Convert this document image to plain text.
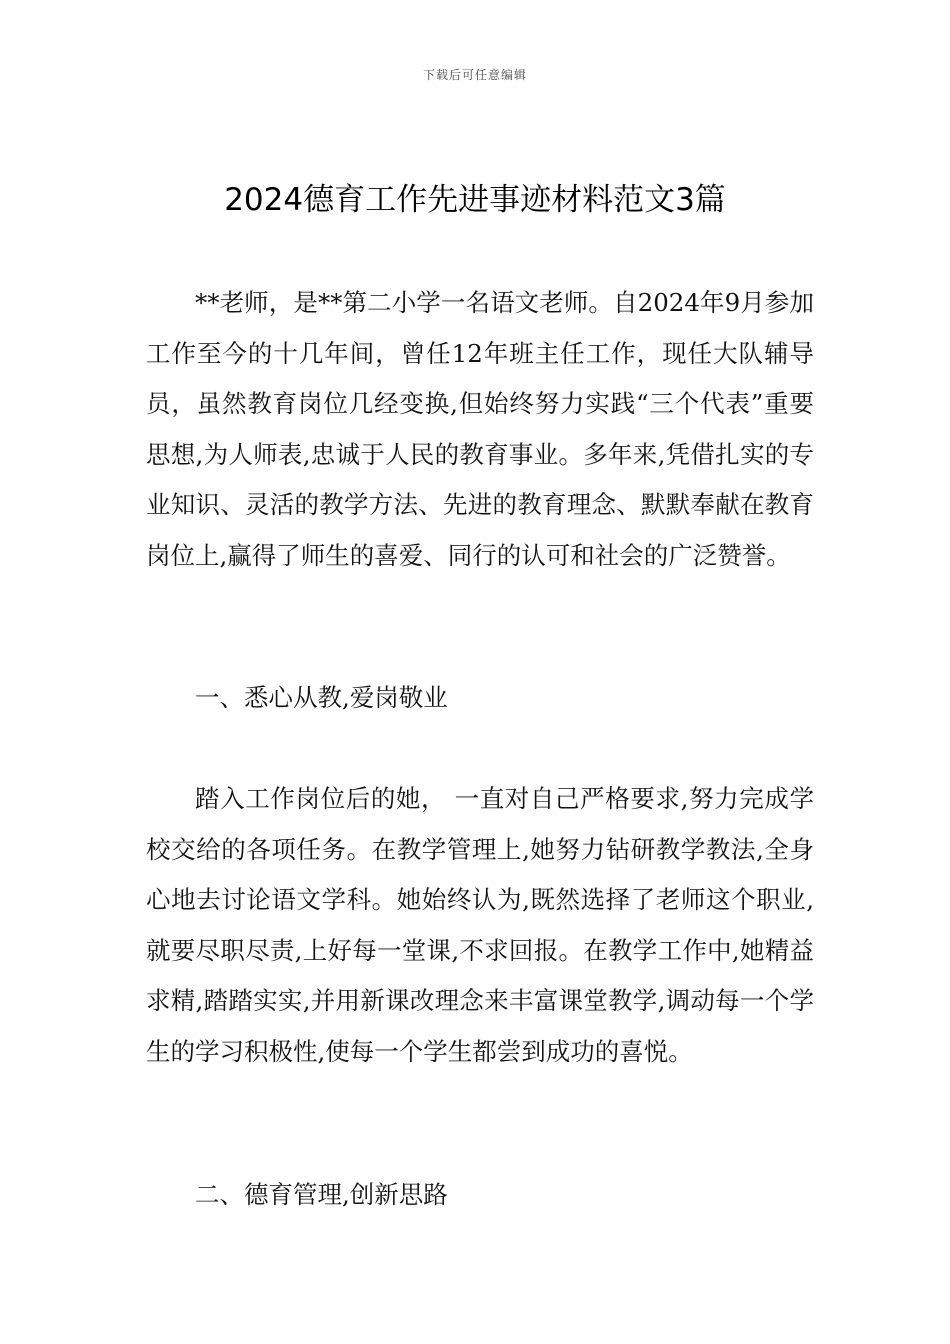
下载后可任意编辑
2024德育工作先进事迹材料范文3篇

**老师，是**第二小学一名语文老师。自2024年9月参加工作至今的十几年间，曾任12年班主任工作，现任大队辅导员，虽然教育岗位几经变换,但始终努力实践“三个代表”重要思想,为人师表,忠诚于人民的教育事业。多年来,凭借扎实的专业知识、灵活的教学方法、先进的教育理念、默默奉献在教育岗位上,赢得了师生的喜爱、同行的认可和社会的广泛赞誉。

一、悉心从教,爱岗敬业

踏入工作岗位后的她， 一直对自己严格要求,努力完成学校交给的各项任务。在教学管理上,她努力钻研教学教法,全身心地去讨论语文学科。她始终认为,既然选择了老师这个职业,就要尽职尽责,上好每一堂课,不求回报。在教学工作中,她精益求精,踏踏实实,并用新课改理念来丰富课堂教学,调动每一个学生的学习积极性,使每一个学生都尝到成功的喜悦。

二、德育管理,创新思路
